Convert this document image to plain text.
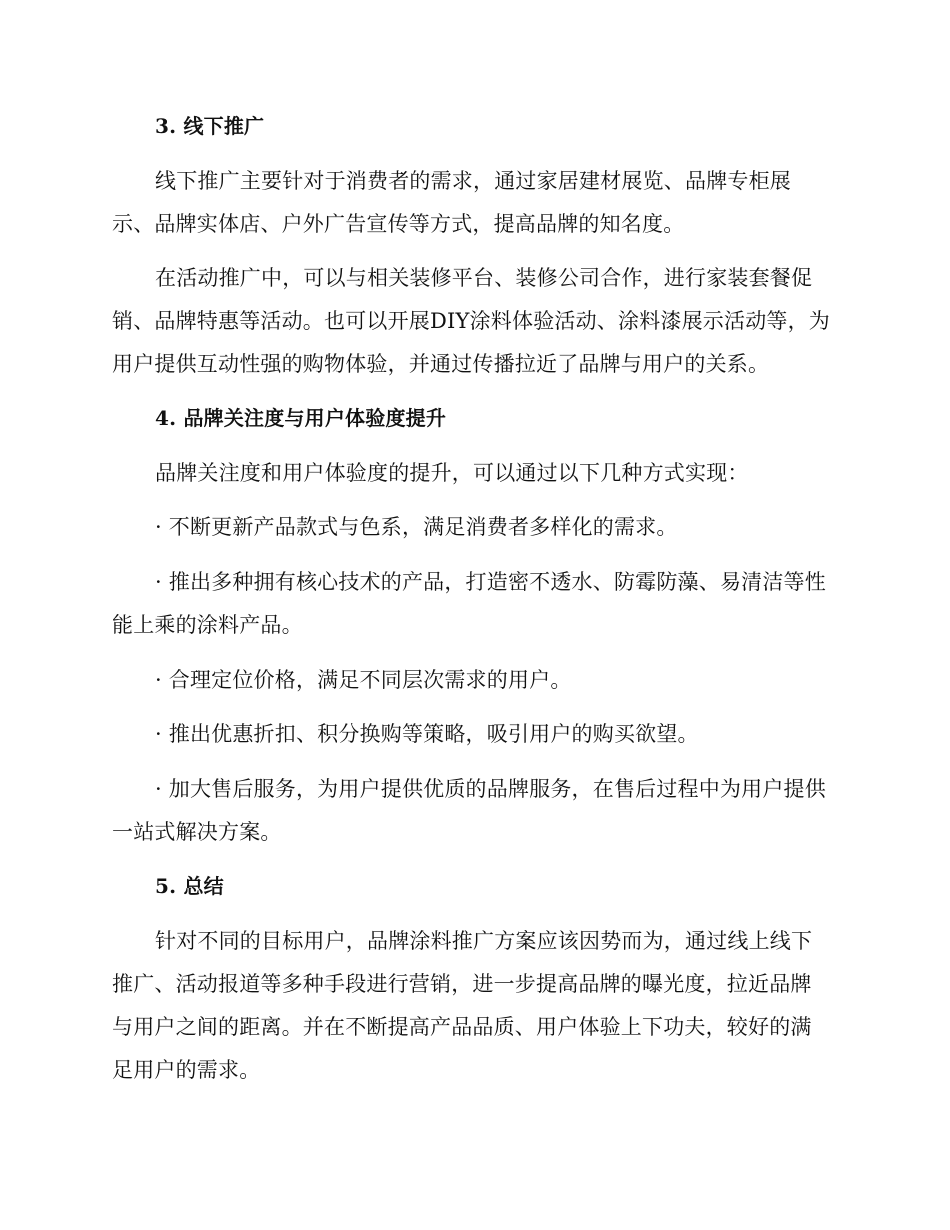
3. 线下推广
线下推广主要针对于消费者的需求，通过家居建材展览、品牌专柜展示、品牌实体店、户外广告宣传等方式，提高品牌的知名度。
在活动推广中，可以与相关装修平台、装修公司合作，进行家装套餐促销、品牌特惠等活动。也可以开展DIY涂料体验活动、涂料漆展示活动等，为用户提供互动性强的购物体验，并通过传播拉近了品牌与用户的关系。
4. 品牌关注度与用户体验度提升
品牌关注度和用户体验度的提升，可以通过以下几种方式实现：
· 不断更新产品款式与色系，满足消费者多样化的需求。
· 推出多种拥有核心技术的产品，打造密不透水、防霉防藻、易清洁等性能上乘的涂料产品。
· 合理定位价格，满足不同层次需求的用户。
· 推出优惠折扣、积分换购等策略，吸引用户的购买欲望。
· 加大售后服务，为用户提供优质的品牌服务，在售后过程中为用户提供一站式解决方案。
5. 总结
针对不同的目标用户，品牌涂料推广方案应该因势而为，通过线上线下推广、活动报道等多种手段进行营销，进一步提高品牌的曝光度，拉近品牌与用户之间的距离。并在不断提高产品品质、用户体验上下功夫，较好的满足用户的需求。
